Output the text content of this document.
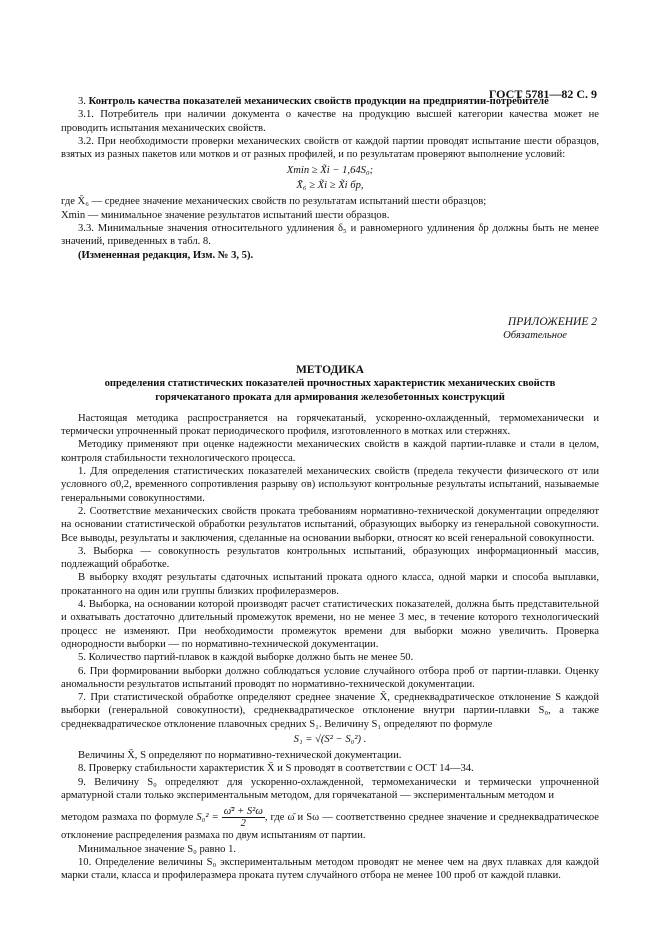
ГОСТ 5781—82 С. 9

3. Контроль качества показателей механических свойств продукции на предприятии-потребителе

3.1. Потребитель при наличии документа о качестве на продукцию высшей категории качества может не проводить испытания механических свойств.

3.2. При необходимости проверки механических свойств от каждой партии проводят испытание шести образцов, взятых из разных пакетов или мотков и от разных профилей, и по результатам проверяют выполнение условий:

Xmin ≥ X̃i − 1,64S₀;

X̄₆ ≥ X̃i ≥ X̃i бр,

где X̄₆ — среднее значение механических свойств по результатам испытаний шести образцов;

Xmin — минимальное значение результатов испытаний шести образцов.

3.3. Минимальные значения относительного удлинения δ₅ и равномерного удлинения δр должны быть не менее значений, приведенных в табл. 8.

(Измененная редакция, Изм. № 3, 5).

ПРИЛОЖЕНИЕ 2
Обязательное

МЕТОДИКА

определения статистических показателей прочностных характеристик механических свойств

горячекатаного проката для армирования железобетонных конструкций

Настоящая методика распространяется на горячекатаный, ускоренно-охлажденный, термомеханически и термически упрочненный прокат периодического профиля, изготовленного в мотках или стержнях.

Методику применяют при оценке надежности механических свойств в каждой партии-плавке и стали в целом, контроля стабильности технологического процесса.

1. Для определения статистических показателей механических свойств (предела текучести физического σт или условного σ0,2, временного сопротивления разрыву σв) используют контрольные результаты испытаний, называемые генеральными совокупностями.

2. Соответствие механических свойств проката требованиям нормативно-технической документации определяют на основании статистической обработки результатов испытаний, образующих выборку из генеральной совокупности. Все выводы, результаты и заключения, сделанные на основании выборки, относят ко всей генеральной совокупности.

3. Выборка — совокупность результатов контрольных испытаний, образующих информационный массив, подлежащий обработке.

В выборку входят результаты сдаточных испытаний проката одного класса, одной марки и способа выплавки, прокатанного на один или группы близких профилеразмеров.

4. Выборка, на основании которой производят расчет статистических показателей, должна быть представительной и охватывать достаточно длительный промежуток времени, но не менее 3 мес, в течение которого технологический процесс не изменяют. При необходимости промежуток времени для выборки можно увеличить. Проверка однородности выборки — по нормативно-технической документации.

5. Количество партий-плавок в каждой выборке должно быть не менее 50.

6. При формировании выборки должно соблюдаться условие случайного отбора проб от партии-плавки. Оценку аномальности результатов испытаний проводят по нормативно-технической документации.

7. При статистической обработке определяют среднее значение X̄, среднеквадратическое отклонение S каждой выборки (генеральной совокупности), среднеквадратическое отклонение внутри партии-плавки S₀, а также среднеквадратическое отклонение плавочных средних S₁. Величину S₁ определяют по формуле

S₁ = √(S² − S₀²) .

Величины X̄, S определяют по нормативно-технической документации.

8. Проверку стабильности характеристик X̄ и S проводят в соответствии с ОСТ 14—34.

9. Величину S₀ определяют для ускоренно-охлажденной, термомеханически и термически упрочненной арматурной стали только экспериментальным методом, для горячекатаной — экспериментальным методом и

методом размаха по формуле $S_0^2 = \frac{\text{ω̄² + S²ω}}{2}$ , где ω̄ и Sω — соответственно среднее значение и среднеквадратическое отклонение распределения размаха по двум испытаниям от партии.

Минимальное значение S₀ равно 1.

10. Определение величины S₀ экспериментальным методом проводят не менее чем на двух плавках для каждой марки стали, класса и профилеразмера проката путем случайного отбора не менее 100 проб от каждой плавки.
